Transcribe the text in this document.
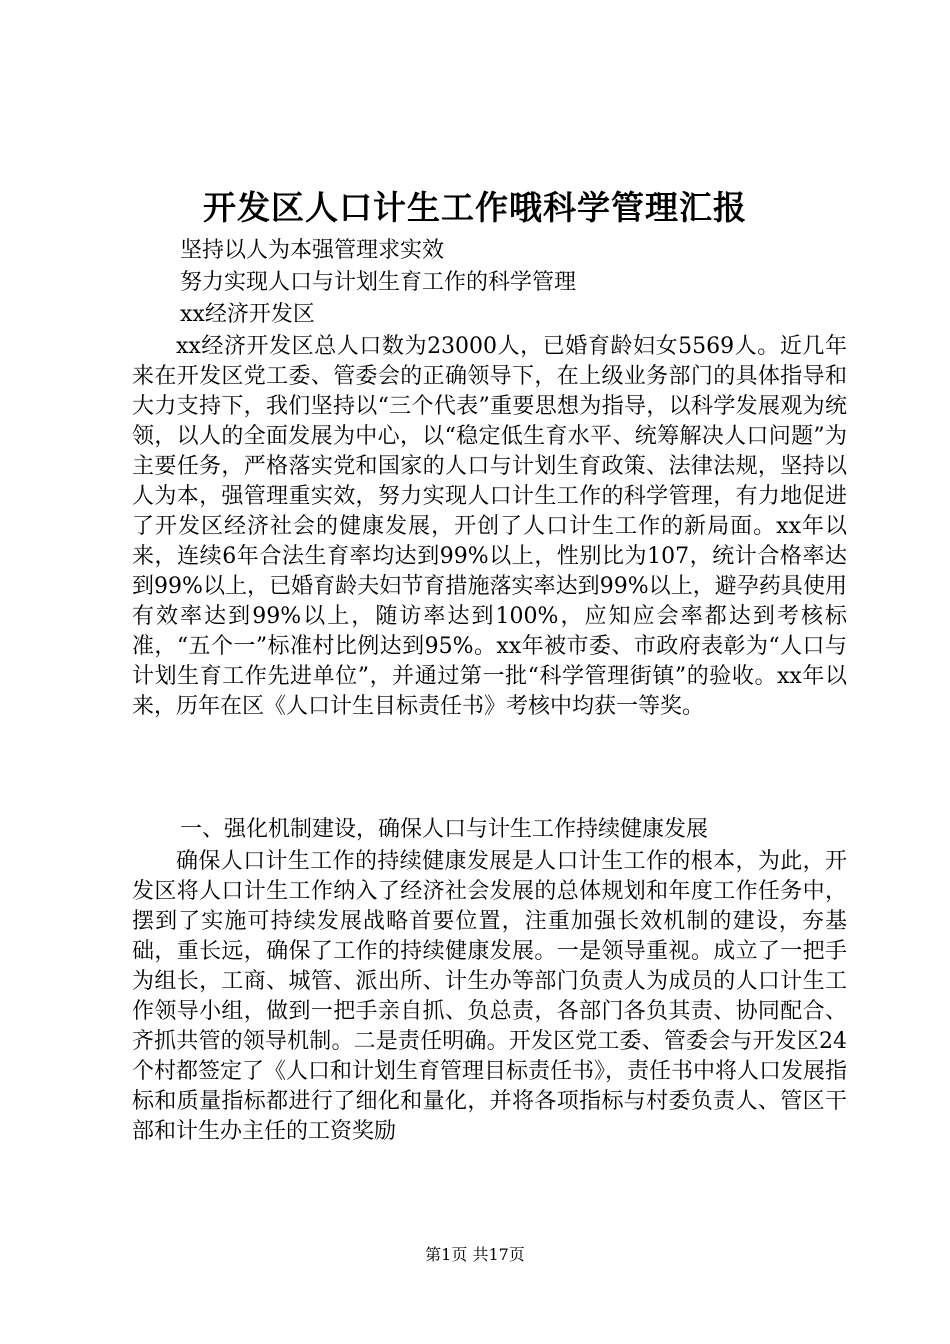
开发区人口计生工作哦科学管理汇报
坚持以人为本强管理求实效
努力实现人口与计划生育工作的科学管理
xx经济开发区

xx经济开发区总人口数为23000人，已婚育龄妇女5569人。近几年来在开发区党工委、管委会的正确领导下，在上级业务部门的具体指导和大力支持下，我们坚持以“三个代表”重要思想为指导，以科学发展观为统领，以人的全面发展为中心，以“稳定低生育水平、统筹解决人口问题”为主要任务，严格落实党和国家的人口与计划生育政策、法律法规，坚持以人为本，强管理重实效，努力实现人口计生工作的科学管理，有力地促进了开发区经济社会的健康发展，开创了人口计生工作的新局面。xx年以来，连续6年合法生育率均达到99%以上，性别比为107，统计合格率达到99%以上，已婚育龄夫妇节育措施落实率达到99%以上，避孕药具使用有效率达到99%以上，随访率达到100%，应知应会率都达到考核标准，“五个一”标准村比例达到95%。xx年被市委、市政府表彰为“人口与计划生育工作先进单位”，并通过第一批“科学管理街镇”的验收。xx年以来，历年在区《人口计生目标责任书》考核中均获一等奖。

一、强化机制建设，确保人口与计生工作持续健康发展

确保人口计生工作的持续健康发展是人口计生工作的根本，为此，开发区将人口计生工作纳入了经济社会发展的总体规划和年度工作任务中，摆到了实施可持续发展战略首要位置，注重加强长效机制的建设，夯基础，重长远，确保了工作的持续健康发展。一是领导重视。成立了一把手为组长，工商、城管、派出所、计生办等部门负责人为成员的人口计生工作领导小组，做到一把手亲自抓、负总责，各部门各负其责、协同配合、齐抓共管的领导机制。二是责任明确。开发区党工委、管委会与开发区24个村都签定了《人口和计划生育管理目标责任书》，责任书中将人口发展指标和质量指标都进行了细化和量化，并将各项指标与村委负责人、管区干部和计生办主任的工资奖励

第1页 共17页
